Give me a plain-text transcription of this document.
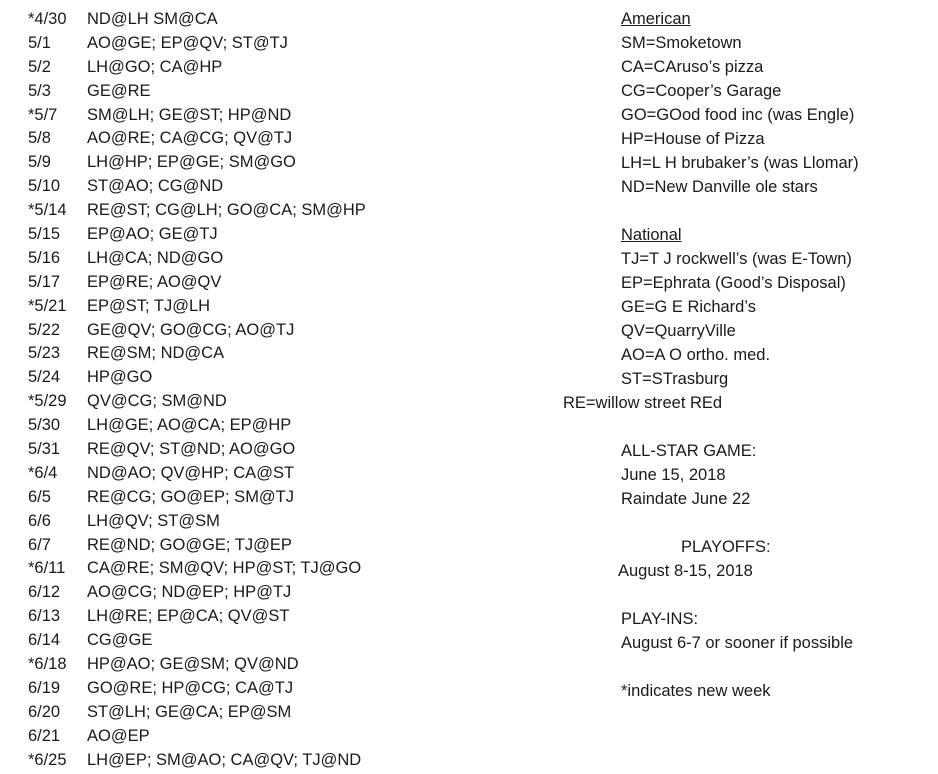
*4/30 ND@LH SM@CA
5/1 AO@GE; EP@QV; ST@TJ
5/2 LH@GO; CA@HP
5/3 GE@RE
*5/7 SM@LH; GE@ST; HP@ND
5/8 AO@RE; CA@CG; QV@TJ
5/9 LH@HP; EP@GE; SM@GO
5/10 ST@AO; CG@ND
*5/14 RE@ST; CG@LH; GO@CA; SM@HP
5/15 EP@AO; GE@TJ
5/16 LH@CA; ND@GO
5/17 EP@RE; AO@QV
*5/21 EP@ST; TJ@LH
5/22 GE@QV; GO@CG; AO@TJ
5/23 RE@SM; ND@CA
5/24 HP@GO
*5/29 QV@CG; SM@ND
5/30 LH@GE; AO@CA; EP@HP
5/31 RE@QV; ST@ND; AO@GO
*6/4 ND@AO; QV@HP; CA@ST
6/5 RE@CG; GO@EP; SM@TJ
6/6 LH@QV; ST@SM
6/7 RE@ND; GO@GE; TJ@EP
*6/11 CA@RE; SM@QV; HP@ST; TJ@GO
6/12 AO@CG; ND@EP; HP@TJ
6/13 LH@RE; EP@CA; QV@ST
6/14 CG@GE
*6/18 HP@AO; GE@SM; QV@ND
6/19 GO@RE; HP@CG; CA@TJ
6/20 ST@LH; GE@CA; EP@SM
6/21 AO@EP
*6/25 LH@EP; SM@AO; CA@QV; TJ@ND
American
SM=Smoketown
CA=CAruso’s pizza
CG=Cooper’s Garage
GO=GOod food inc (was Engle)
HP=House of Pizza
LH=L H brubaker’s (was Llomar)
ND=New Danville ole stars
National
TJ=T J rockwell’s (was E-Town)
EP=Ephrata (Good’s Disposal)
GE=G E Richard’s
QV=QuarryVille
AO=A O ortho. med.
ST=STrasburg
RE=willow street REd
ALL-STAR GAME:
June 15, 2018
Raindate June 22
PLAYOFFS:
August 8-15, 2018
PLAY-INS:
August 6-7 or sooner if possible
*indicates new week
